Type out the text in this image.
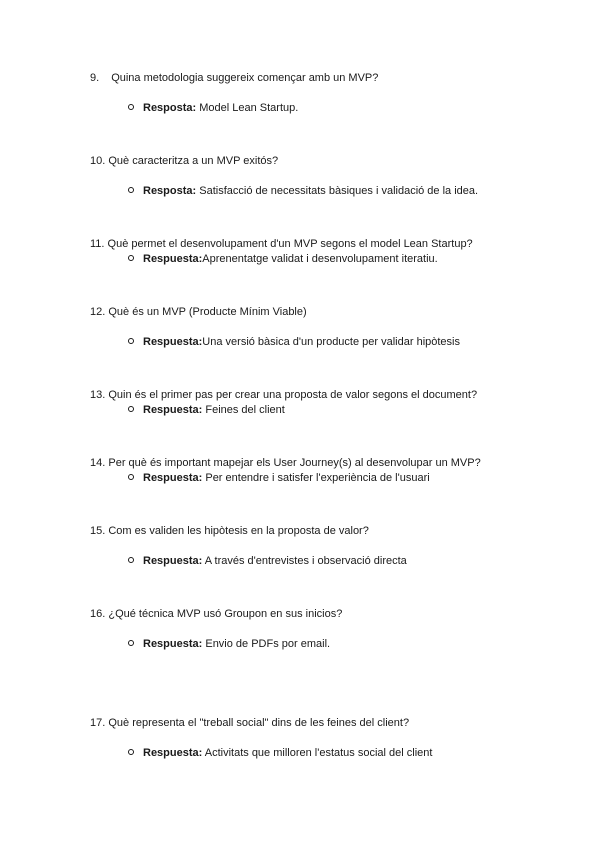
9. Quina metodologia suggereix començar amb un MVP?
Resposta: Model Lean Startup.
10. Què caracteritza a un MVP exitós?
Resposta: Satisfacció de necessitats bàsiques i validació de la idea.
11. Què permet el desenvolupament d'un MVP segons el model Lean Startup?
Respuesta:Aprenentatge validat i desenvolupament iteratiu.
12. Què és un MVP (Producte Mínim Viable)
Respuesta:Una versió bàsica d'un producte per validar hipòtesis
13. Quin és el primer pas per crear una proposta de valor segons el document?
Respuesta: Feines del client
14. Per què és important mapejar els User Journey(s) al desenvolupar un MVP?
Respuesta: Per entendre i satisfer l'experiència de l'usuari
15. Com es validen les hipòtesis en la proposta de valor?
Respuesta: A través d'entrevistes i observació directa
16. ¿Qué técnica MVP usó Groupon en sus inicios?
Respuesta: Envio de PDFs por email.
17. Què representa el "treball social" dins de les feines del client?
Respuesta: Activitats que milloren l'estatus social del client
